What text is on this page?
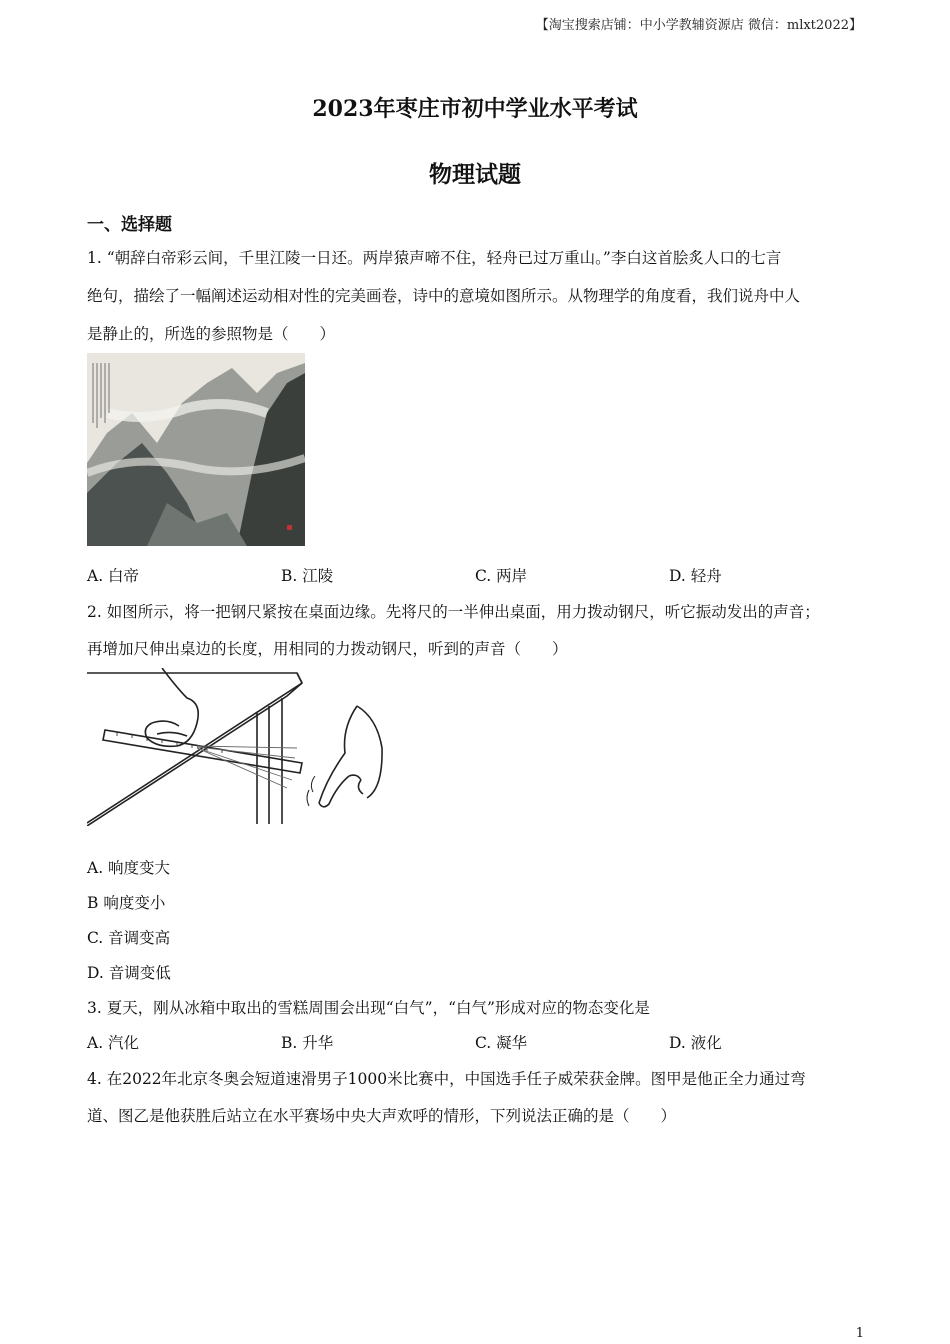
【淘宝搜索店铺：中小学教辅资源店 微信：mlxt2022】
2023年枣庄市初中学业水平考试
物理试题
一、选择题
1. “朝辞白帝彩云间，千里江陵一日还。两岸猿声啼不住，轻舟已过万重山。”李白这首脍炙人口的七言
绝句，描绘了一幅阐述运动相对性的完美画卷，诗中的意境如图所示。从物理学的角度看，我们说舟中人
是静止的，所选的参照物是（　　）
A. 白帝	B. 江陵	C. 两岸	D. 轻舟
2. 如图所示，将一把钢尺紧按在桌面边缘。先将尺的一半伸出桌面，用力拨动钢尺，听它振动发出的声音；
再增加尺伸出桌边的长度，用相同的力拨动钢尺，听到的声音（　　）
A. 响度变大
B 响度变小
C. 音调变高
D. 音调变低
3. 夏天，刚从冰箱中取出的雪糕周围会出现“白气”，“白气”形成对应的物态变化是
A. 汽化	B. 升华	C. 凝华	D. 液化
4. 在2022年北京冬奥会短道速滑男子1000米比赛中，中国选手任子威荣获金牌。图甲是他正全力通过弯
道、图乙是他获胜后站立在水平赛场中央大声欢呼的情形，下列说法正确的是（　　）
1
